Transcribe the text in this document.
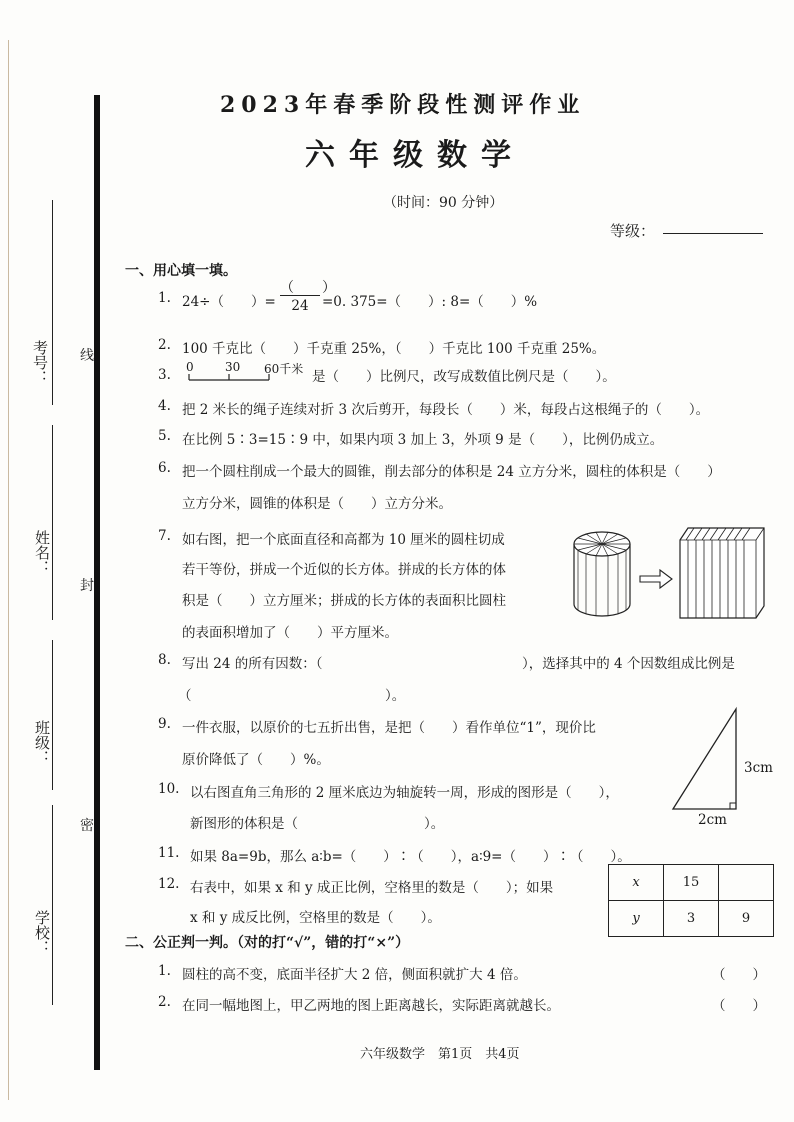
考号： 线
姓名：
封
班级：
密
学校：
2023年春季阶段性测评作业
六年级数学
（时间：90 分钟）
等级：
一、用心填一填。
1. 24÷（　　）=
（　　）
24 =0. 375=（　　）: 8=（　　）%
2. 100 千克比（　　）千克重 25%，（　　）千克比 100 千克重 25%。
3. 0	30 60千米 是（　　）比例尺，改写成数值比例尺是（　　）。
4. 把 2 米长的绳子连续对折 3 次后剪开，每段长（　　）米，每段占这根绳子的（　　）。
5. 在比例 5∶3=15∶9 中，如果内项 3 加上 3，外项 9 是（　　），比例仍成立。
6. 把一个圆柱削成一个最大的圆锥，削去部分的体积是 24 立方分米，圆柱的体积是（　　）
立方分米，圆锥的体积是（　　）立方分米。
7. 如右图，把一个底面直径和高都为 10 厘米的圆柱切成
若干等份，拼成一个近似的长方体。拼成的长方体的体
积是（　　）立方厘米；拼成的长方体的表面积比圆柱
的表面积增加了（　　）平方厘米。
8. 写出 24 的所有因数：（	），选择其中的 4 个因数组成比例是
（	）。
9. 一件衣服，以原价的七五折出售，是把（　　）看作单位“1”，现价比
原价降低了（　　）%。	3cm
2cm
10. 以右图直角三角形的 2 厘米底边为轴旋转一周，形成的图形是（　　），
新图形的体积是（	）。
11. 如果 8a=9b，那么 a∶b=（　　）∶（　　），a∶9=（　　）∶（　　）。
12. 右表中，如果 x 和 y 成正比例，空格里的数是（　　）；如果
x 和 y 成反比例，空格里的数是（　　）。
x	15	
y	3	9
二、公正判一判。（对的打“√”，错的打“×”）
1. 圆柱的高不变，底面半径扩大 2 倍，侧面积就扩大 4 倍。	（　　）
2. 在同一幅地图上，甲乙两地的图上距离越长，实际距离就越长。	（　　）
六年级数学　第1页　共4页
